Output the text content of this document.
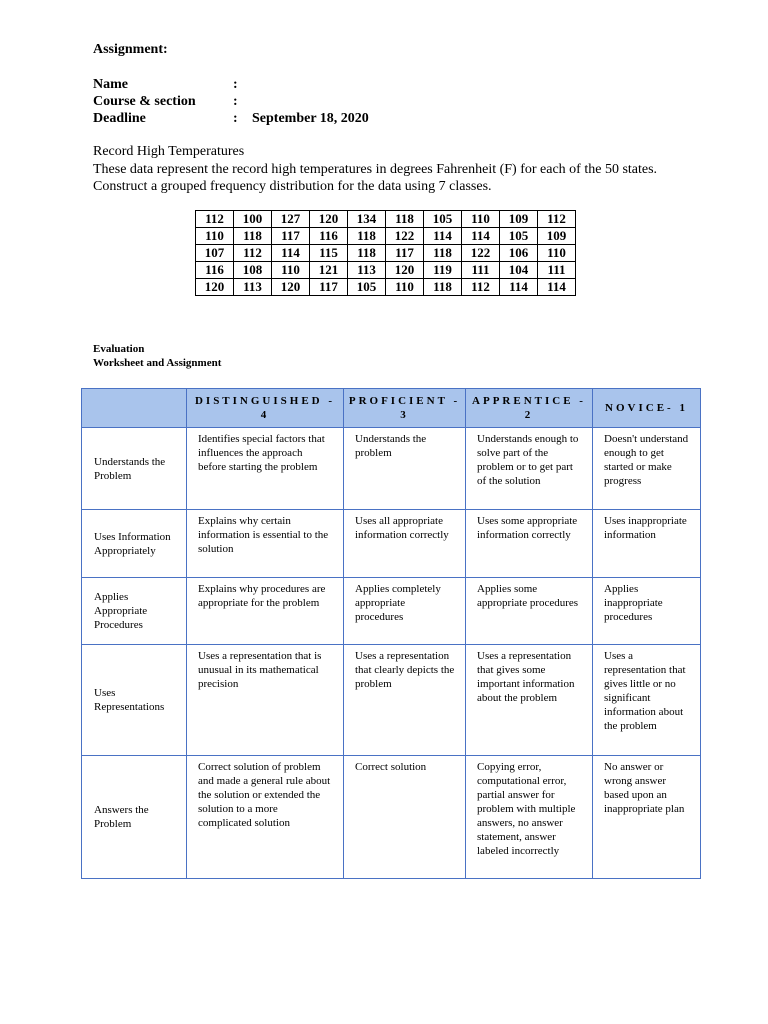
Assignment:
Name	:
Course & section	:
Deadline	: September 18, 2020
Record High Temperatures
These data represent the record high temperatures in degrees Fahrenheit (F) for each of the 50 states. Construct a grouped frequency distribution for the data using 7 classes.
112	100	127	120	134	118	105	110	109	112
110	118	117	116	118	122	114	114	105	109
107	112	114	115	118	117	118	122	106	110
116	108	110	121	113	120	119	111	104	111
120	113	120	117	105	110	118	112	114	114
Evaluation
Worksheet and Assignment
	DISTINGUISHED - 4	PROFICIENT - 3	APPRENTICE - 2	NOVICE- 1
Understands the Problem	Identifies special factors that influences the approach before starting the problem	Understands the problem	Understands enough to solve part of the problem or to get part of the solution	Doesn't understand enough to get started or make progress
Uses Information Appropriately	Explains why certain information is essential to the solution	Uses all appropriate information correctly	Uses some appropriate information correctly	Uses inappropriate information
Applies Appropriate Procedures	Explains why procedures are appropriate for the problem	Applies completely appropriate procedures	Applies some appropriate procedures	Applies inappropriate procedures
Uses Representations	Uses a representation that is unusual in its mathematical precision	Uses a representation that clearly depicts the problem	Uses a representation that gives some important information about the problem	Uses a representation that gives little or no significant information about the problem
Answers the Problem	Correct solution of problem and made a general rule about the solution or extended the solution to a more complicated solution	Correct solution	Copying error, computational error, partial answer for problem with multiple answers, no answer statement, answer labeled incorrectly	No answer or wrong answer based upon an inappropriate plan
